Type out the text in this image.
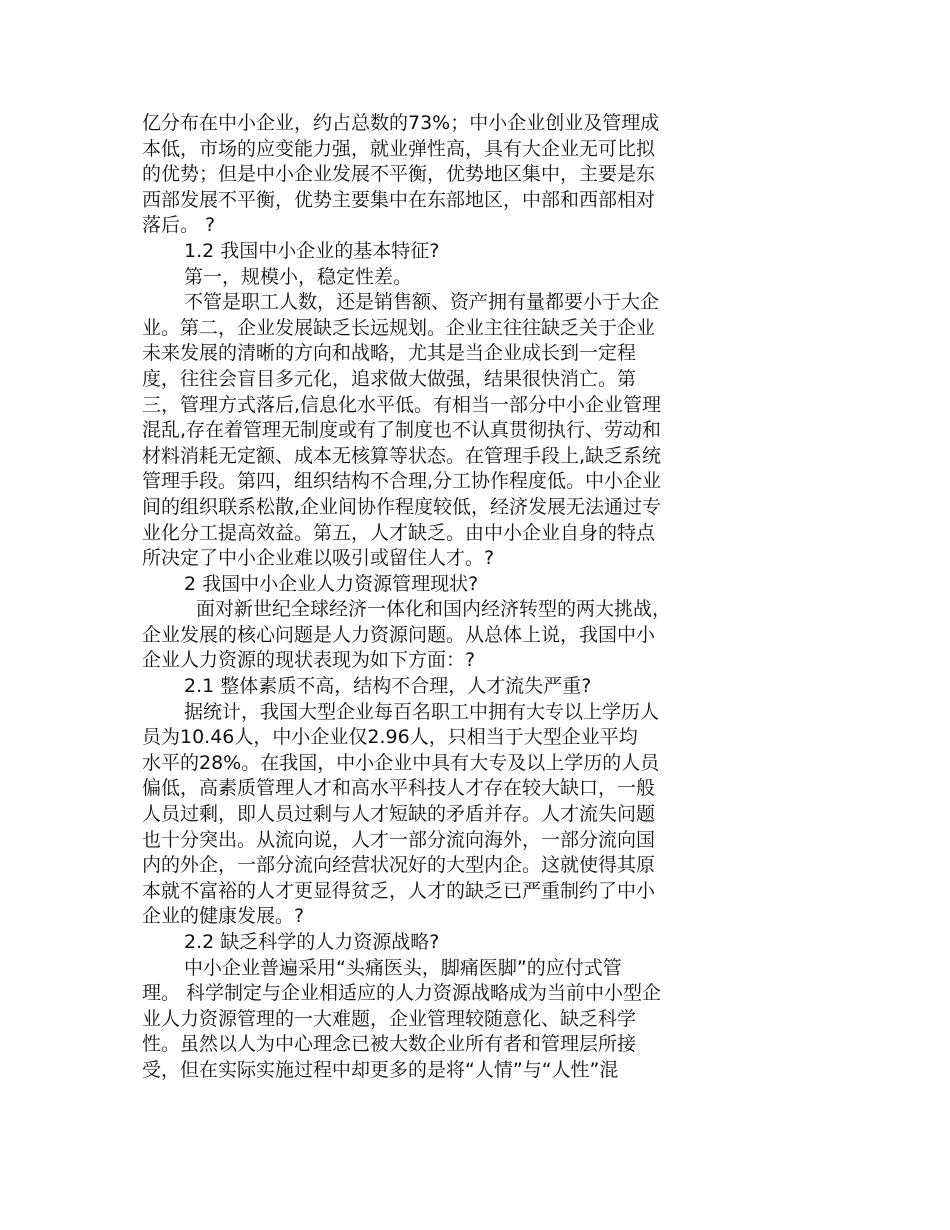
亿分布在中小企业，约占总数的73%；中小企业创业及管理成
本低，市场的应变能力强，就业弹性高，具有大企业无可比拟
的优势；但是中小企业发展不平衡，优势地区集中，主要是东
西部发展不平衡，优势主要集中在东部地区，中部和西部相对
落后。 ?
1.2 我国中小企业的基本特征?
第一，规模小，稳定性差。
不管是职工人数，还是销售额、资产拥有量都要小于大企
业。第二，企业发展缺乏长远规划。企业主往往缺乏关于企业
未来发展的清晰的方向和战略，尤其是当企业成长到一定程
度，往往会盲目多元化，追求做大做强，结果很快消亡。第
三，管理方式落后,信息化水平低。有相当一部分中小企业管理
混乱,存在着管理无制度或有了制度也不认真贯彻执行、劳动和
材料消耗无定额、成本无核算等状态。在管理手段上,缺乏系统
管理手段。第四，组织结构不合理,分工协作程度低。中小企业
间的组织联系松散,企业间协作程度较低，经济发展无法通过专
业化分工提高效益。第五，人才缺乏。由中小企业自身的特点
所决定了中小企业难以吸引或留住人才。?
2 我国中小企业人力资源管理现状?
面对新世纪全球经济一体化和国内经济转型的两大挑战，
企业发展的核心问题是人力资源问题。从总体上说，我国中小
企业人力资源的现状表现为如下方面：?
2.1 整体素质不高，结构不合理，人才流失严重?
据统计，我国大型企业每百名职工中拥有大专以上学历人
员为10.46人，中小企业仅2.96人，只相当于大型企业平均
水平的28%。在我国，中小企业中具有大专及以上学历的人员
偏低，高素质管理人才和高水平科技人才存在较大缺口，一般
人员过剩，即人员过剩与人才短缺的矛盾并存。人才流失问题
也十分突出。从流向说，人才一部分流向海外，一部分流向国
内的外企，一部分流向经营状况好的大型内企。这就使得其原
本就不富裕的人才更显得贫乏，人才的缺乏已严重制约了中小
企业的健康发展。?
2.2 缺乏科学的人力资源战略?
中小企业普遍采用“头痛医头，脚痛医脚”的应付式管
理。 科学制定与企业相适应的人力资源战略成为当前中小型企
业人力资源管理的一大难题，企业管理较随意化、缺乏科学
性。虽然以人为中心理念已被大数企业所有者和管理层所接
受，但在实际实施过程中却更多的是将“人情”与“人性”混
